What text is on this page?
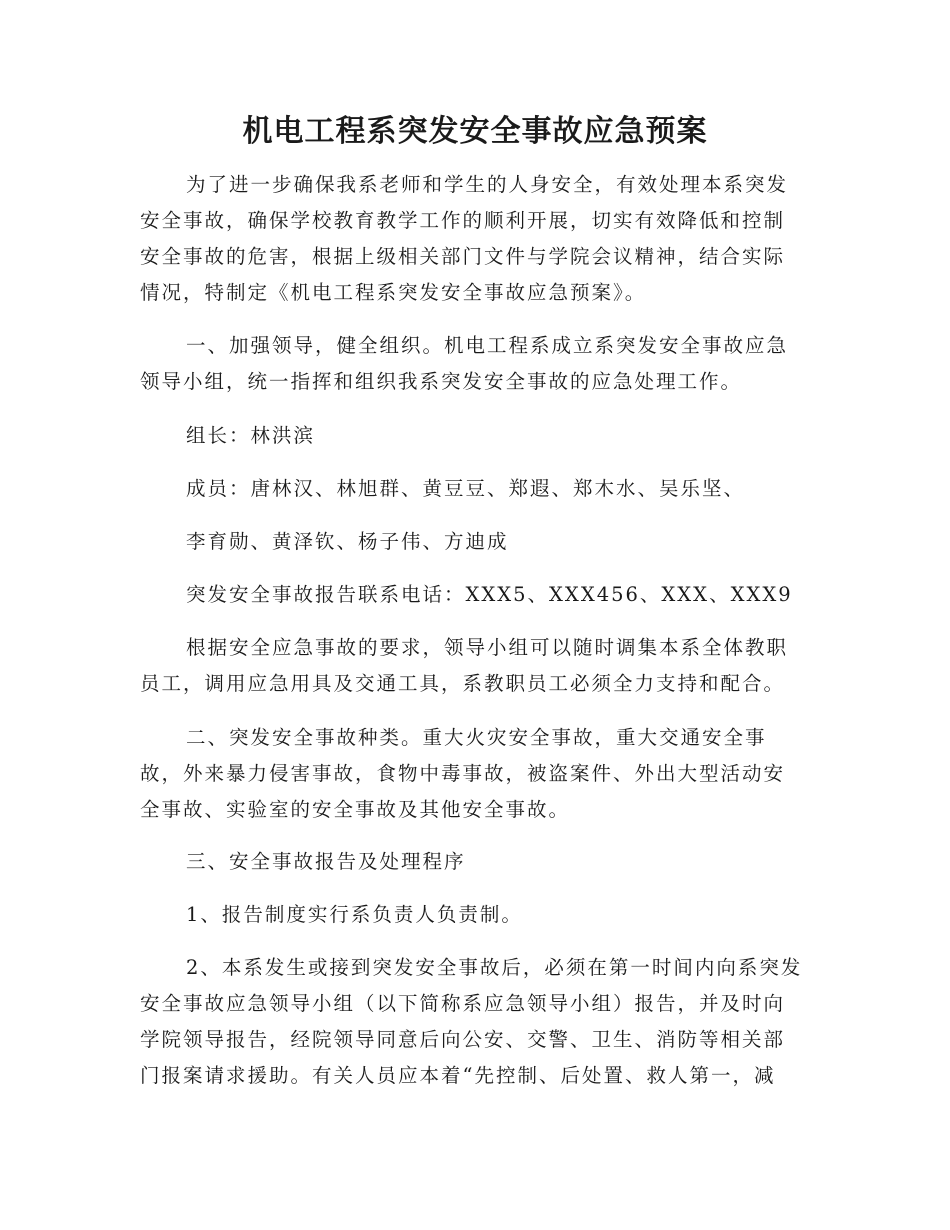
机电工程系突发安全事故应急预案

为了进一步确保我系老师和学生的人身安全，有效处理本系突发
安全事故，确保学校教育教学工作的顺利开展，切实有效降低和控制
安全事故的危害，根据上级相关部门文件与学院会议精神，结合实际
情况，特制定《机电工程系突发安全事故应急预案》。

一、加强领导，健全组织。机电工程系成立系突发安全事故应急
领导小组，统一指挥和组织我系突发安全事故的应急处理工作。

组长：林洪滨

成员：唐林汉、林旭群、黄豆豆、郑遐、郑木水、吴乐坚、

李育勋、黄泽钦、杨子伟、方迪成

突发安全事故报告联系电话：XXX5、XXX456、XXX、XXX9

根据安全应急事故的要求，领导小组可以随时调集本系全体教职
员工，调用应急用具及交通工具，系教职员工必须全力支持和配合。

二、突发安全事故种类。重大火灾安全事故，重大交通安全事
故，外来暴力侵害事故，食物中毒事故，被盗案件、外出大型活动安
全事故、实验室的安全事故及其他安全事故。

三、安全事故报告及处理程序

1、报告制度实行系负责人负责制。

2、本系发生或接到突发安全事故后，必须在第一时间内向系突发
安全事故应急领导小组（以下简称系应急领导小组）报告，并及时向
学院领导报告，经院领导同意后向公安、交警、卫生、消防等相关部
门报案请求援助。有关人员应本着“先控制、后处置、救人第一，减
